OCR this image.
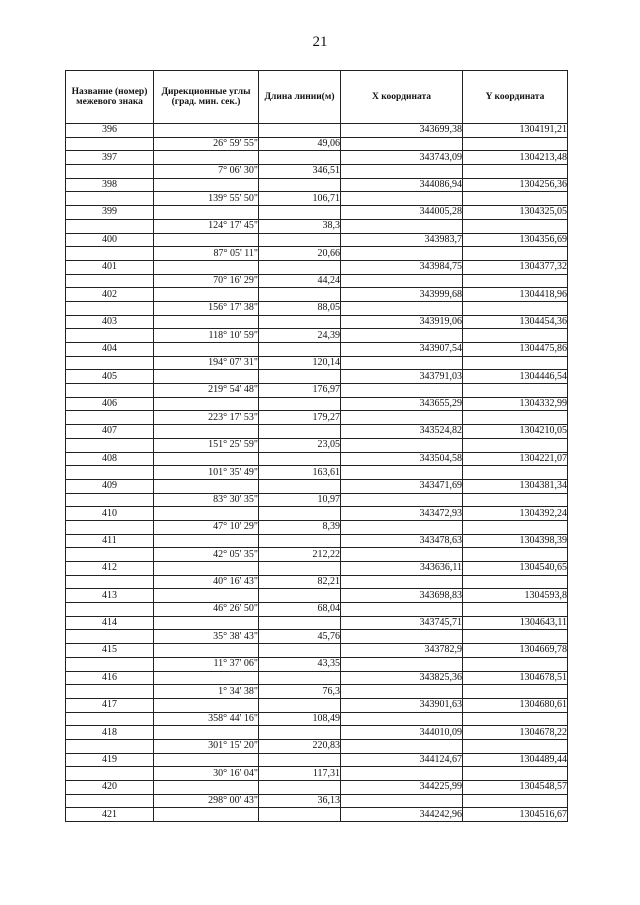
21
Название (номер) межевого знака	Дирекционные углы (град. мин. сек.)	Длина линии(м)	X координата	Y координата
396			343699,38	1304191,21
	26° 59' 55"	49,06		
397			343743,09	1304213,48
	7° 06' 30"	346,51		
398			344086,94	1304256,36
	139° 55' 50"	106,71		
399			344005,28	1304325,05
	124° 17' 45"	38,3		
400			343983,7	1304356,69
	87° 05' 11"	20,66		
401			343984,75	1304377,32
	70° 16' 29"	44,24		
402			343999,68	1304418,96
	156° 17' 38"	88,05		
403			343919,06	1304454,36
	118° 10' 59"	24,39		
404			343907,54	1304475,86
	194° 07' 31"	120,14		
405			343791,03	1304446,54
	219° 54' 48"	176,97		
406			343655,29	1304332,99
	223° 17' 53"	179,27		
407			343524,82	1304210,05
	151° 25' 59"	23,05		
408			343504,58	1304221,07
	101° 35' 49"	163,61		
409			343471,69	1304381,34
	83° 30' 35"	10,97		
410			343472,93	1304392,24
	47° 10' 29"	8,39		
411			343478,63	1304398,39
	42° 05' 35"	212,22		
412			343636,11	1304540,65
	40° 16' 43"	82,21		
413			343698,83	1304593,8
	46° 26' 50"	68,04		
414			343745,71	1304643,11
	35° 38' 43"	45,76		
415			343782,9	1304669,78
	11° 37' 06"	43,35		
416			343825,36	1304678,51
	1° 34' 38"	76,3		
417			343901,63	1304680,61
	358° 44' 16"	108,49		
418			344010,09	1304678,22
	301° 15' 20"	220,83		
419			344124,67	1304489,44
	30° 16' 04"	117,31		
420			344225,99	1304548,57
	298° 00' 43"	36,13		
421			344242,96	1304516,67
